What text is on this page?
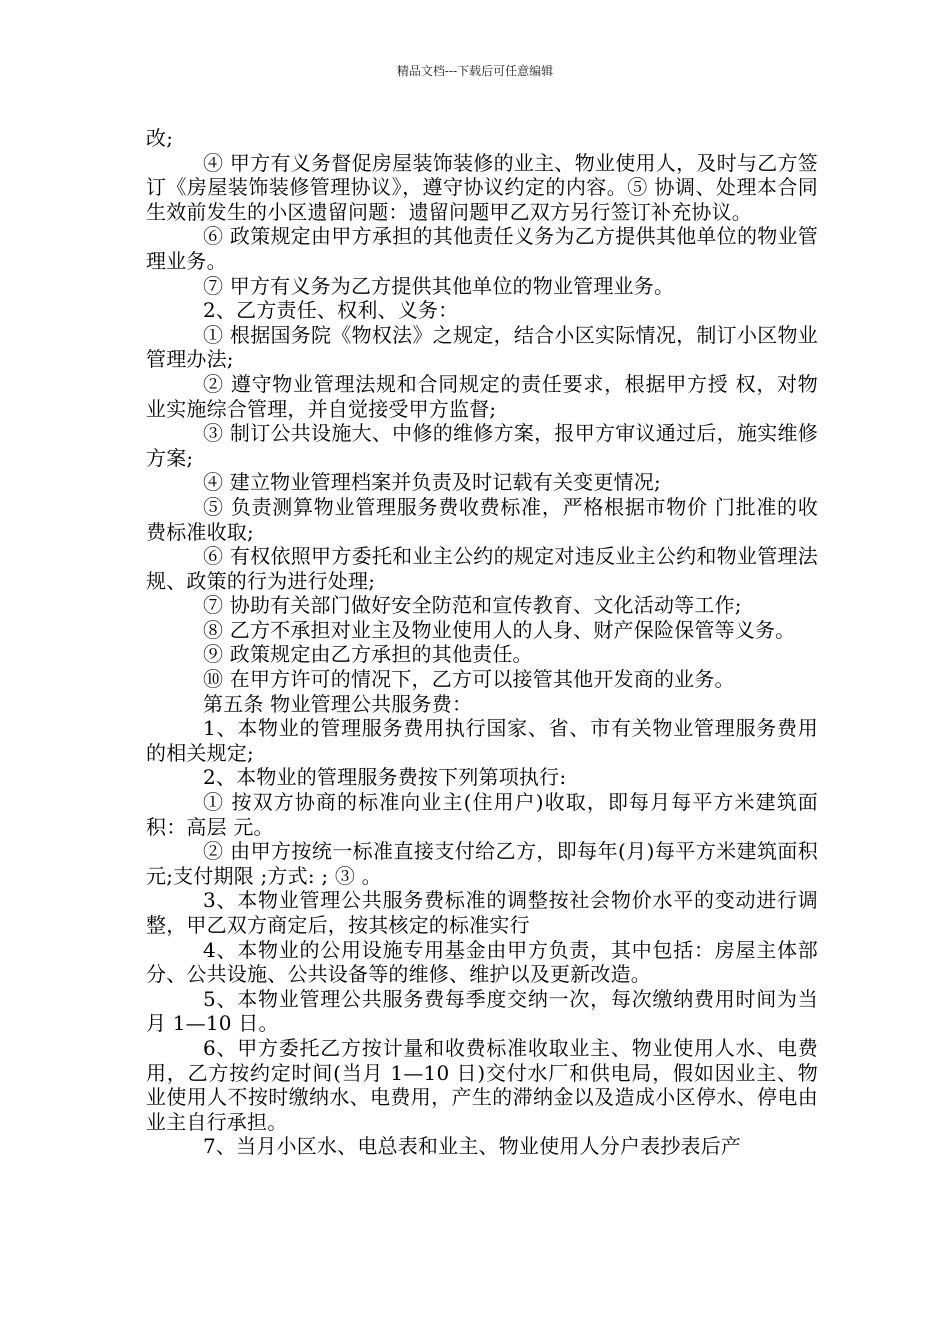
精品文档---下载后可任意编辑

改;

④ 甲方有义务督促房屋装饰装修的业主、物业使用人，及时与乙方签订《房屋装饰装修管理协议》，遵守协议约定的内容。⑤ 协调、处理本合同生效前发生的小区遗留问题：遗留问题甲乙双方另行签订补充协议。

⑥ 政策规定由甲方承担的其他责任义务为乙方提供其他单位的物业管理业务。

⑦ 甲方有义务为乙方提供其他单位的物业管理业务。

2、乙方责任、权利、义务：

① 根据国务院《物权法》之规定，结合小区实际情况，制订小区物业管理办法;

② 遵守物业管理法规和合同规定的责任要求，根据甲方授 权，对物业实施综合管理，并自觉接受甲方监督;

③ 制订公共设施大、中修的维修方案，报甲方审议通过后，施实维修方案;

④ 建立物业管理档案并负责及时记载有关变更情况;

⑤ 负责测算物业管理服务费收费标准，严格根据市物价 门批准的收费标准收取;

⑥ 有权依照甲方委托和业主公约的规定对违反业主公约和物业管理法规、政策的行为进行处理;

⑦ 协助有关部门做好安全防范和宣传教育、文化活动等工作;

⑧ 乙方不承担对业主及物业使用人的人身、财产保险保管等义务。

⑨ 政策规定由乙方承担的其他责任。

⑩ 在甲方许可的情况下，乙方可以接管其他开发商的业务。

第五条 物业管理公共服务费：

1、本物业的管理服务费用执行国家、省、市有关物业管理服务费用的相关规定;

2、本物业的管理服务费按下列第项执行:

① 按双方协商的标准向业主(住用户)收取，即每月每平方米建筑面积：高层 元。

② 由甲方按统一标准直接支付给乙方，即每年(月)每平方米建筑面积 元;支付期限 ;方式: ; ③ 。

3、本物业管理公共服务费标准的调整按社会物价水平的变动进行调整，甲乙双方商定后，按其核定的标准实行

4、本物业的公用设施专用基金由甲方负责，其中包括：房屋主体部分、公共设施、公共设备等的维修、维护以及更新改造。

5、本物业管理公共服务费每季度交纳一次，每次缴纳费用时间为当月 1—10 日。

6、甲方委托乙方按计量和收费标准收取业主、物业使用人水、电费用，乙方按约定时间(当月 1—10 日)交付水厂和供电局，假如因业主、物业使用人不按时缴纳水、电费用，产生的滞纳金以及造成小区停水、停电由业主自行承担。

7、当月小区水、电总表和业主、物业使用人分户表抄表后产
